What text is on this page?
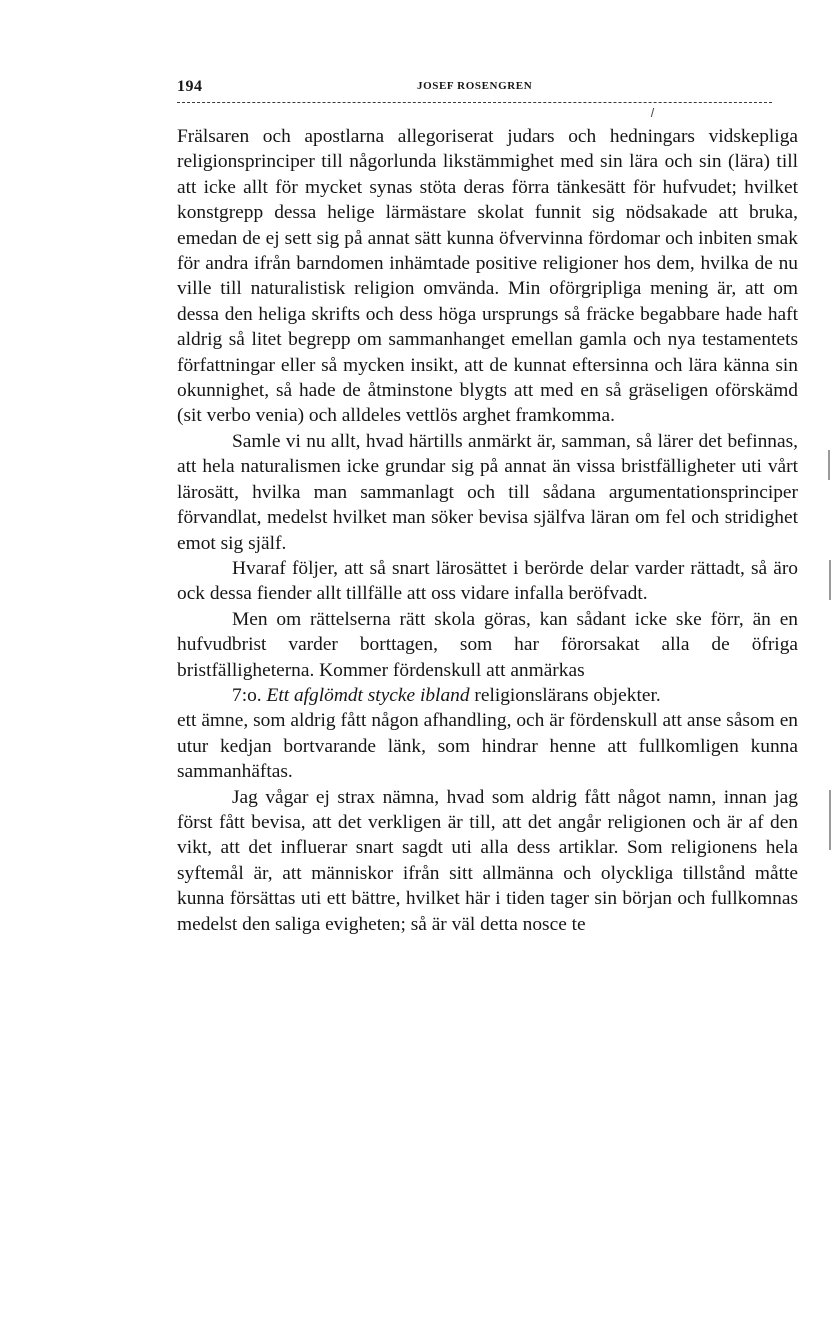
194	JOSEF ROSENGREN

Frälsaren och apostlarna allegoriserat judars och hedningars vidskepliga religionsprinciper till någorlunda likstämmighet med sin lära och sin (lära) till att icke allt för mycket synas stöta deras förra tänkesätt för hufvudet; hvilket konstgrepp dessa helige lärmästare skolat funnit sig nödsakade att bruka, emedan de ej sett sig på annat sätt kunna öfvervinna fördomar och inbiten smak för andra ifrån barndomen inhämtade positive religioner hos dem, hvilka de nu ville till naturalistisk religion omvända. Min oförgripliga mening är, att om dessa den heliga skrifts och dess höga ursprungs så fräcke begabbare hade haft aldrig så litet begrepp om sammanhanget emellan gamla och nya testamentets författningar eller så mycken insikt, att de kunnat eftersinna och lära känna sin okunnighet, så hade de åtminstone blygts att med en så gräseligen oförskämd (sit verbo venia) och alldeles vettlös arghet framkomma.

Samle vi nu allt, hvad härtills anmärkt är, samman, så lärer det befinnas, att hela naturalismen icke grundar sig på annat än vissa bristfälligheter uti vårt lärosätt, hvilka man sammanlagt och till sådana argumentationsprinciper förvandlat, medelst hvilket man söker bevisa själfva läran om fel och stridighet emot sig själf.

Hvaraf följer, att så snart lärosättet i berörde delar varder rättadt, så äro ock dessa fiender allt tillfälle att oss vidare infalla beröfvadt.

Men om rättelserna rätt skola göras, kan sådant icke ske förr, än en hufvudbrist varder borttagen, som har förorsakat alla de öfriga bristfälligheterna. Kommer fördenskull att anmärkas

7:o. Ett afglömdt stycke ibland religionslärans objekter.

ett ämne, som aldrig fått någon afhandling, och är fördenskull att anse såsom en utur kedjan bortvarande länk, som hindrar henne att fullkomligen kunna sammanhäftas.

Jag vågar ej strax nämna, hvad som aldrig fått något namn, innan jag först fått bevisa, att det verkligen är till, att det angår religionen och är af den vikt, att det influerar snart sagdt uti alla dess artiklar. Som religionens hela syftemål är, att människor ifrån sitt allmänna och olyckliga tillstånd måtte kunna försättas uti ett bättre, hvilket här i tiden tager sin början och fullkomnas medelst den saliga evigheten; så är väl detta nosce te
